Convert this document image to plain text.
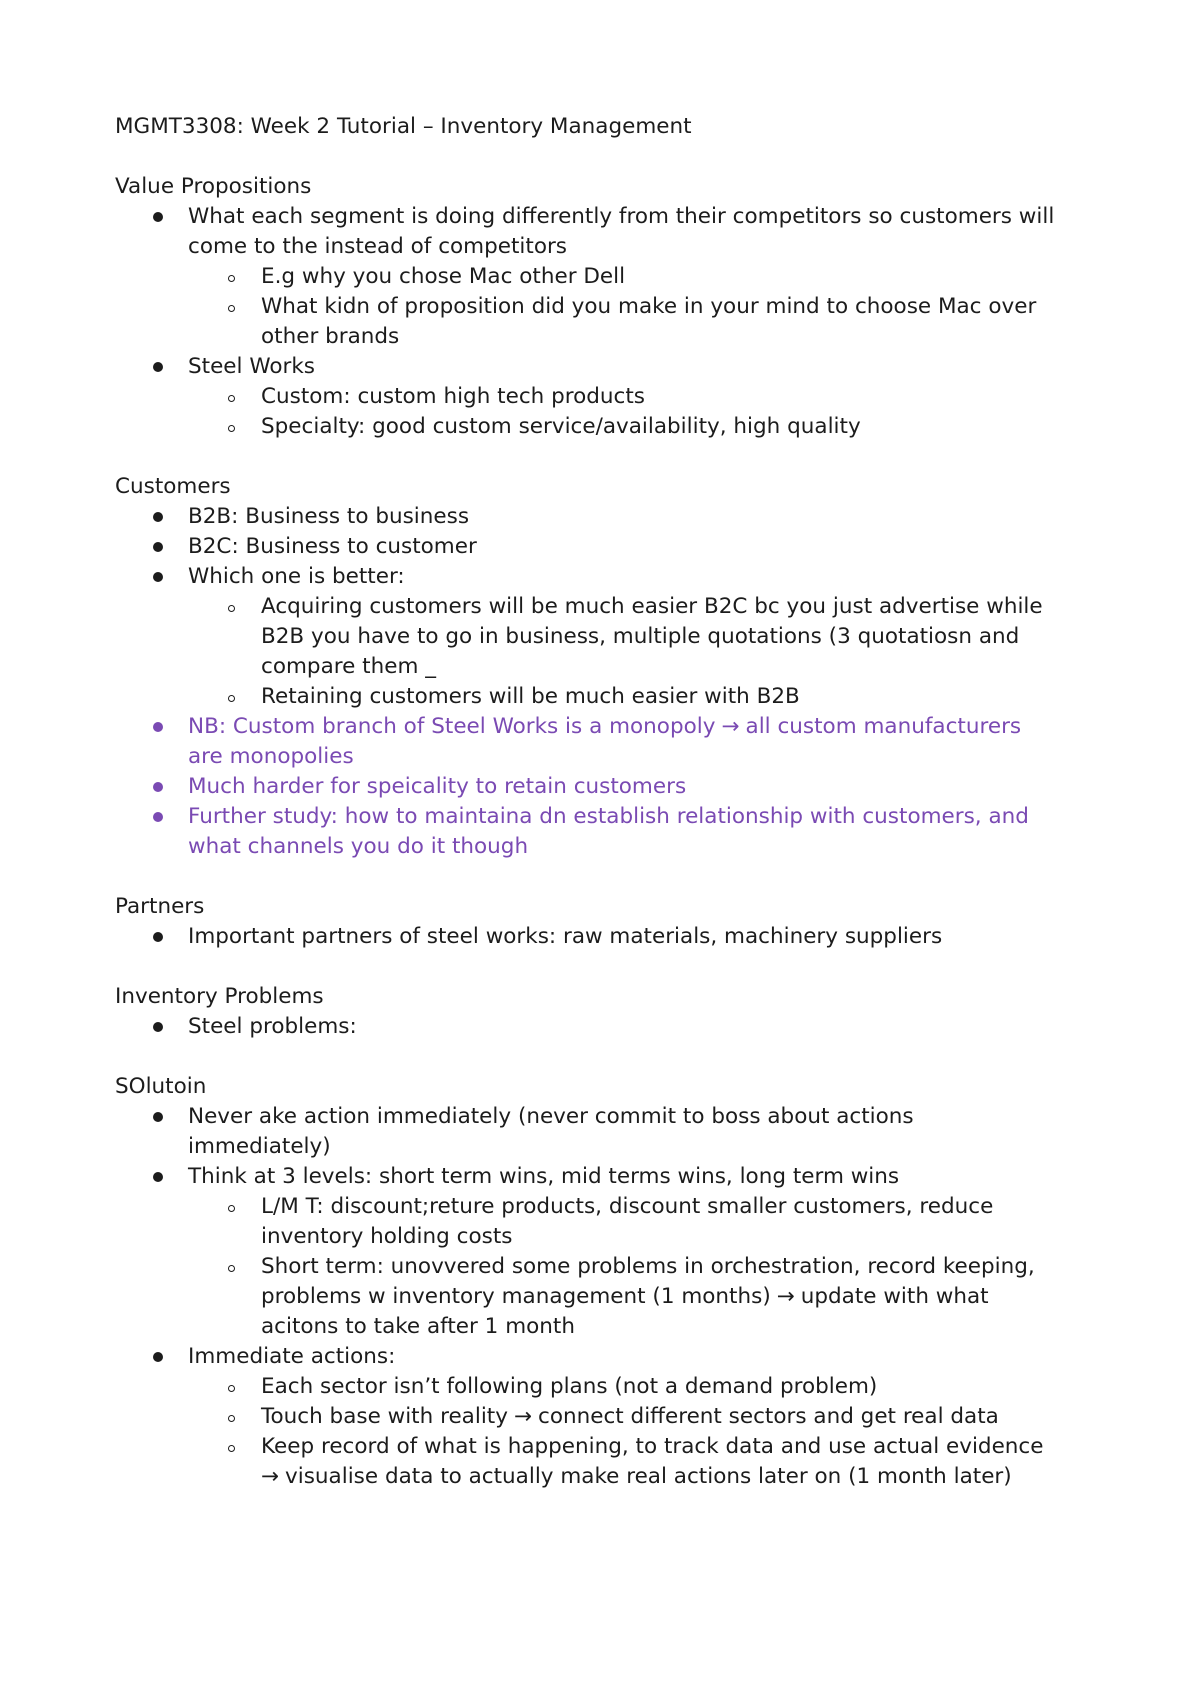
MGMT3308: Week 2 Tutorial – Inventory Management
Value Propositions
What each segment is doing differently from their competitors so customers will
come to the instead of competitors
E.g why you chose Mac other Dell
What kidn of proposition did you make in your mind to choose Mac over
other brands
Steel Works
Custom: custom high tech products
Specialty: good custom service/availability, high quality
Customers
B2B: Business to business
B2C: Business to customer
Which one is better:
Acquiring customers will be much easier B2C bc you just advertise while
B2B you have to go in business, multiple quotations (3 quotatiosn and
compare them _
Retaining customers will be much easier with B2B
NB: Custom branch of Steel Works is a monopoly → all custom manufacturers
are monopolies
Much harder for speicality to retain customers
Further study: how to maintaina dn establish relationship with customers, and
what channels you do it though
Partners
Important partners of steel works: raw materials, machinery suppliers
Inventory Problems
Steel problems:
SOlutoin
Never ake action immediately (never commit to boss about actions
immediately)
Think at 3 levels: short term wins, mid terms wins, long term wins
L/M T: discount;reture products, discount smaller customers, reduce
inventory holding costs
Short term: unovvered some problems in orchestration, record keeping,
problems w inventory management (1 months) → update with what
acitons to take after 1 month
Immediate actions:
Each sector isn’t following plans (not a demand problem)
Touch base with reality → connect different sectors and get real data
Keep record of what is happening, to track data and use actual evidence
→ visualise data to actually make real actions later on (1 month later)
